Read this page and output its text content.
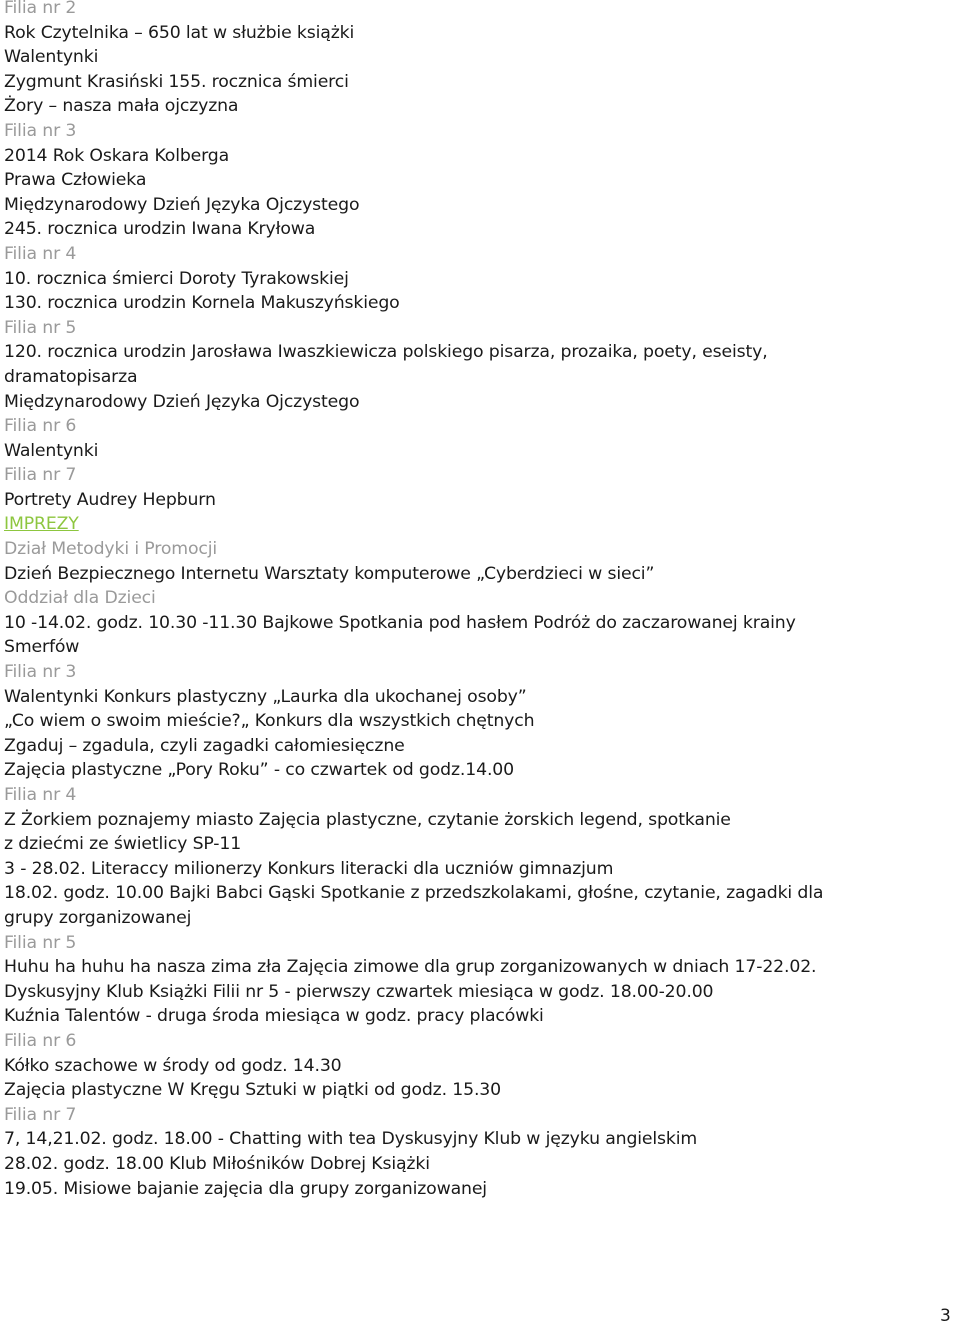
Filia nr 2
Rok Czytelnika – 650 lat w służbie książki
Walentynki
Zygmunt Krasiński 155. rocznica śmierci
Żory – nasza mała ojczyzna
Filia nr 3
2014 Rok Oskara Kolberga
Prawa Człowieka
Międzynarodowy Dzień Języka Ojczystego
245. rocznica urodzin Iwana Kryłowa
Filia nr 4
10. rocznica śmierci Doroty Tyrakowskiej
130. rocznica urodzin Kornela Makuszyńskiego
Filia nr 5
120. rocznica urodzin Jarosława Iwaszkiewicza polskiego pisarza, prozaika, poety, eseisty,
dramatopisarza
Międzynarodowy Dzień Języka Ojczystego
Filia nr 6
Walentynki
Filia nr 7
Portrety Audrey Hepburn
IMPREZY
Dział Metodyki i Promocji
Dzień Bezpiecznego Internetu Warsztaty komputerowe „Cyberdzieci w sieci”
Oddział dla Dzieci
10 -14.02. godz. 10.30 -11.30 Bajkowe Spotkania pod hasłem Podróż do zaczarowanej krainy
Smerfów
Filia nr 3
Walentynki Konkurs plastyczny „Laurka dla ukochanej osoby”
„Co wiem o swoim mieście?„ Konkurs dla wszystkich chętnych
Zgaduj – zgadula, czyli zagadki całomiesięczne
Zajęcia plastyczne „Pory Roku” - co czwartek od godz.14.00
Filia nr 4
Z Żorkiem poznajemy miasto Zajęcia plastyczne, czytanie żorskich legend, spotkanie
z dziećmi ze świetlicy SP-11
3 - 28.02. Literaccy milionerzy Konkurs literacki dla uczniów gimnazjum
18.02. godz. 10.00 Bajki Babci Gąski Spotkanie z przedszkolakami, głośne, czytanie, zagadki dla
grupy zorganizowanej
Filia nr 5
Huhu ha huhu ha nasza zima zła Zajęcia zimowe dla grup zorganizowanych w dniach 17-22.02.
Dyskusyjny Klub Książki Filii nr 5 - pierwszy czwartek miesiąca w godz. 18.00-20.00
Kuźnia Talentów - druga środa miesiąca w godz. pracy placówki
Filia nr 6
Kółko szachowe w środy od godz. 14.30
Zajęcia plastyczne W Kręgu Sztuki w piątki od godz. 15.30
Filia nr 7
7, 14,21.02. godz. 18.00 - Chatting with tea Dyskusyjny Klub w języku angielskim
28.02. godz. 18.00 Klub Miłośników Dobrej Książki
19.05. Misiowe bajanie zajęcia dla grupy zorganizowanej
3
